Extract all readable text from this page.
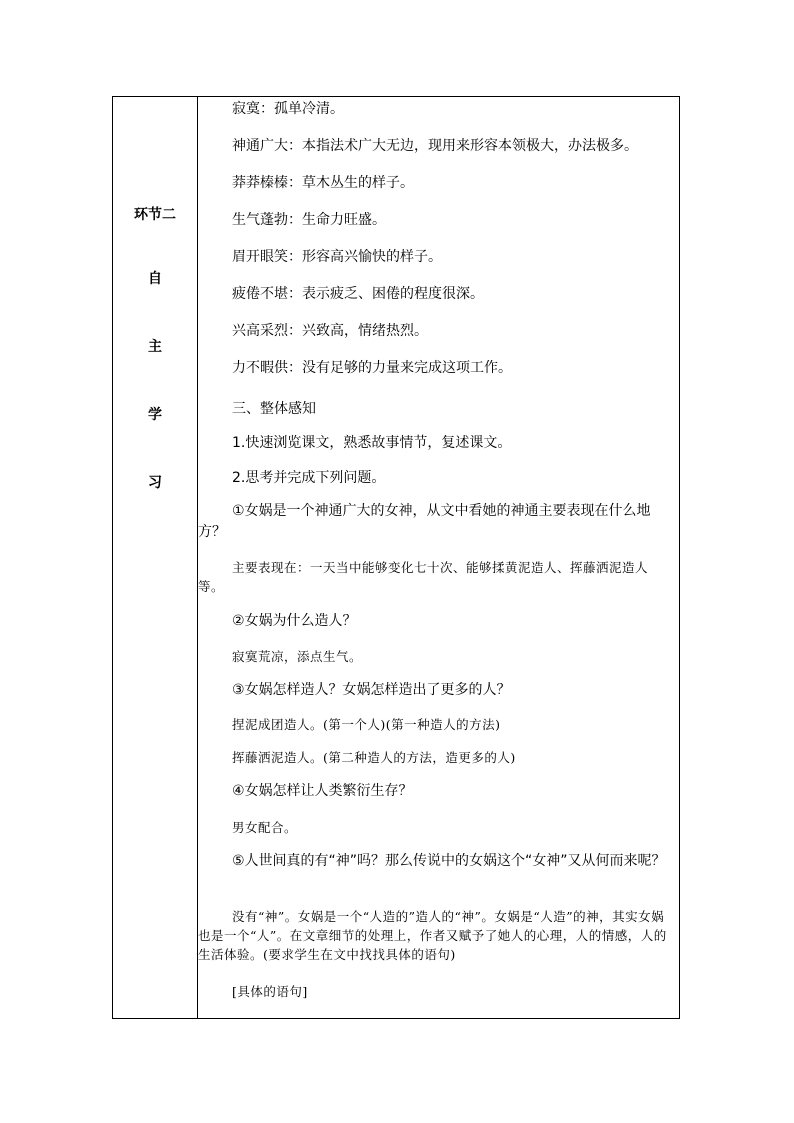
环节二
自
主
学
习
寂寞：孤单冷清。
神通广大：本指法术广大无边，现用来形容本领极大，办法极多。
莽莽榛榛：草木丛生的样子。
生气蓬勃：生命力旺盛。
眉开眼笑：形容高兴愉快的样子。
疲倦不堪：表示疲乏、困倦的程度很深。
兴高采烈：兴致高，情绪热烈。
力不暇供：没有足够的力量来完成这项工作。
三、整体感知
1.快速浏览课文，熟悉故事情节，复述课文。
2.思考并完成下列问题。
①女娲是一个神通广大的女神，从文中看她的神通主要表现在什么地方？
主要表现在：一天当中能够变化七十次、能够揉黄泥造人、挥藤洒泥造人等。
②女娲为什么造人？
寂寞荒凉，添点生气。
③女娲怎样造人？女娲怎样造出了更多的人？
捏泥成团造人。(第一个人)(第一种造人的方法)
挥藤洒泥造人。(第二种造人的方法，造更多的人)
④女娲怎样让人类繁衍生存？
男女配合。
⑤人世间真的有“神”吗？那么传说中的女娲这个“女神”又从何而来呢？
没有“神”。女娲是一个“人造的”造人的“神”。女娲是“人造”的神，其实女娲也是一个“人”。在文章细节的处理上，作者又赋予了她人的心理，人的情感，人的生活体验。(要求学生在文中找找具体的语句)
[具体的语句]
